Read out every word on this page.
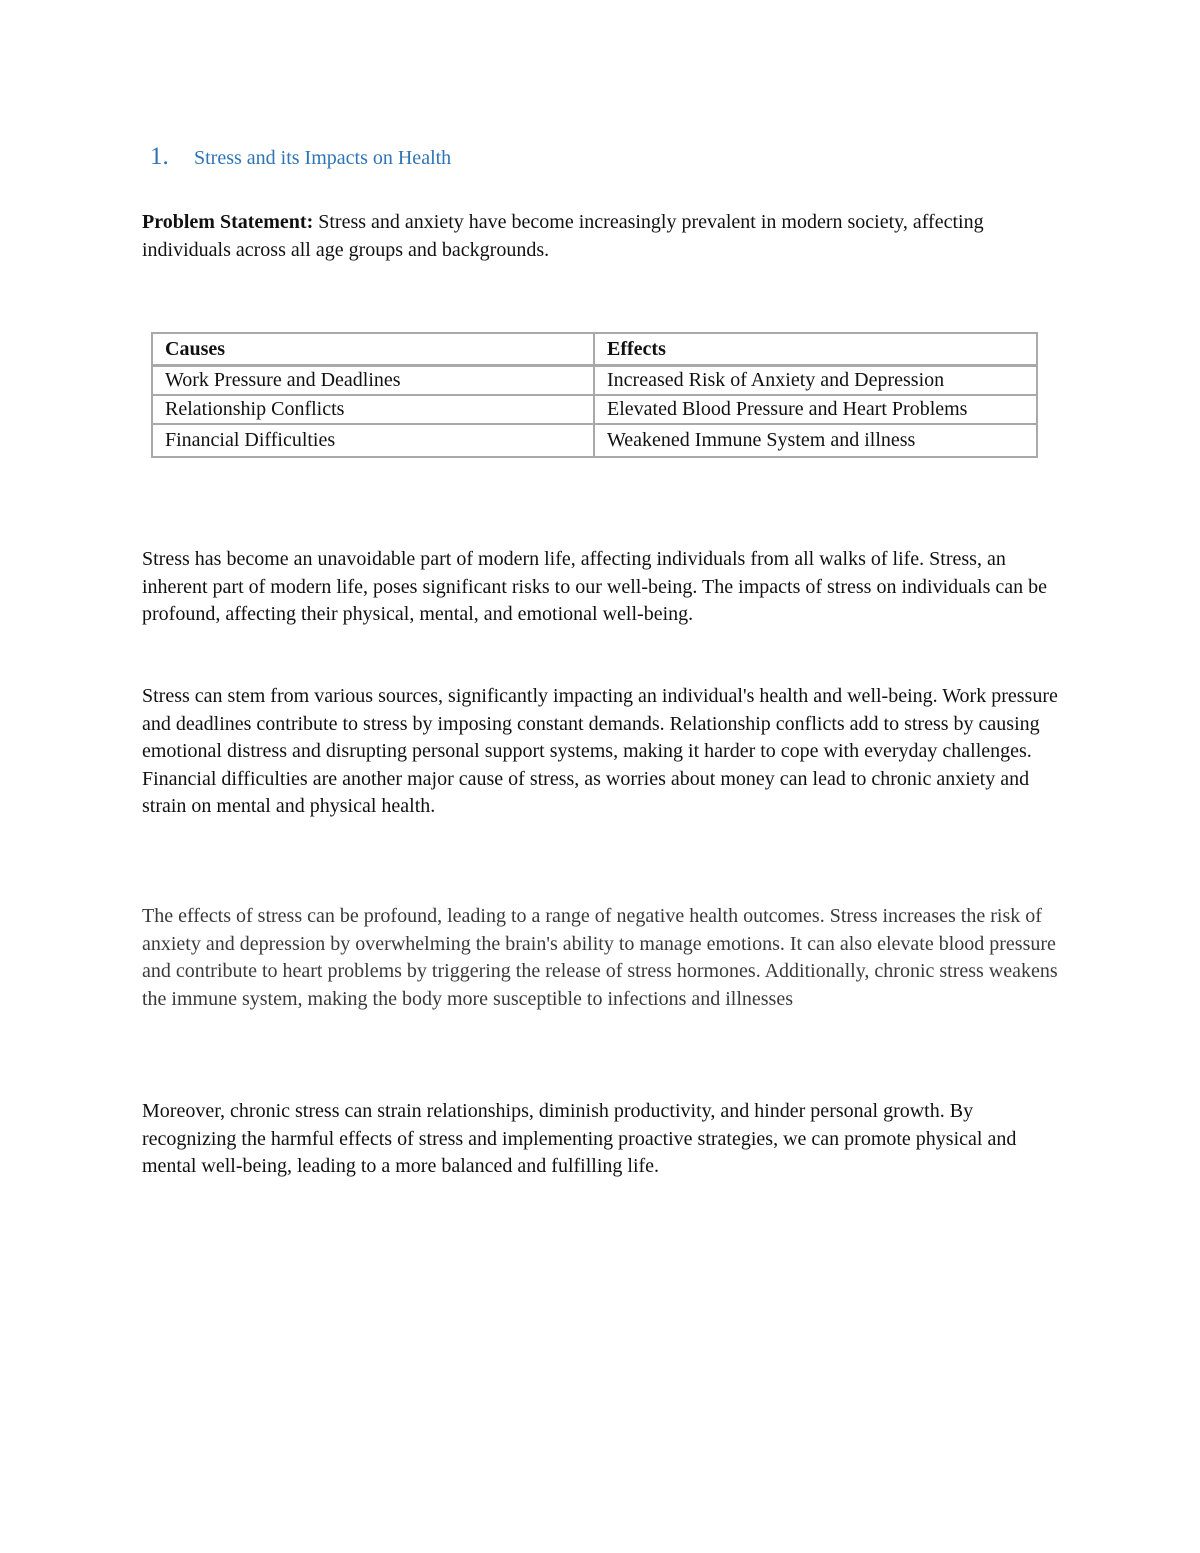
1. Stress and its Impacts on Health
Problem Statement: Stress and anxiety have become increasingly prevalent in modern society, affecting individuals across all age groups and backgrounds.
Causes	Effects
Work Pressure and Deadlines	Increased Risk of Anxiety and Depression
Relationship Conflicts	Elevated Blood Pressure and Heart Problems
Financial Difficulties	Weakened Immune System and illness

Stress has become an unavoidable part of modern life, affecting individuals from all walks of life. Stress, an inherent part of modern life, poses significant risks to our well-being. The impacts of stress on individuals can be profound, affecting their physical, mental, and emotional well-being.

Stress can stem from various sources, significantly impacting an individual's health and well-being. Work pressure and deadlines contribute to stress by imposing constant demands. Relationship conflicts add to stress by causing emotional distress and disrupting personal support systems, making it harder to cope with everyday challenges. Financial difficulties are another major cause of stress, as worries about money can lead to chronic anxiety and strain on mental and physical health.

The effects of stress can be profound, leading to a range of negative health outcomes. Stress increases the risk of anxiety and depression by overwhelming the brain's ability to manage emotions. It can also elevate blood pressure and contribute to heart problems by triggering the release of stress hormones. Additionally, chronic stress weakens the immune system, making the body more susceptible to infections and illnesses

Moreover, chronic stress can strain relationships, diminish productivity, and hinder personal growth. By recognizing the harmful effects of stress and implementing proactive strategies, we can promote physical and mental well-being, leading to a more balanced and fulfilling life.
